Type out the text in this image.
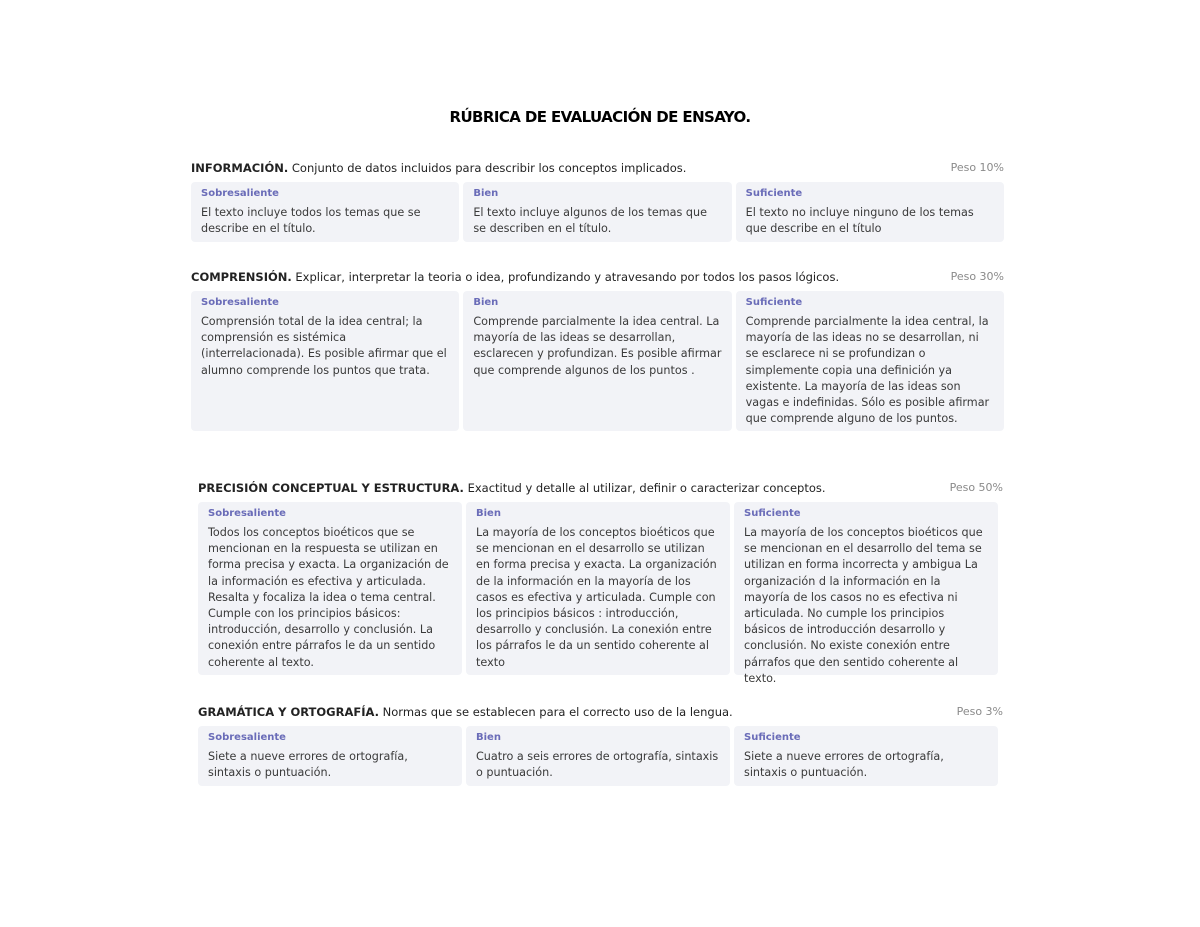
RÚBRICA DE EVALUACIÓN DE ENSAYO.
INFORMACIÓN. Conjunto de datos incluidos para describir los conceptos implicados.	Peso 10%
Sobresaliente
El texto incluye todos los temas que se describe en el título.
Bien
El texto incluye algunos de los temas que se describen en el título.
Suficiente
El texto no incluye ninguno de los temas que describe en el título
COMPRENSIÓN. Explicar, interpretar la teoria o idea, profundizando y atravesando por todos los pasos lógicos.	Peso 30%
Sobresaliente
Comprensión total de la idea central; la comprensión es sistémica (interrelacionada). Es posible afirmar que el alumno comprende los puntos que trata.
Bien
Comprende parcialmente la idea central. La mayoría de las ideas se desarrollan, esclarecen y profundizan. Es posible afirmar que comprende algunos de los puntos .
Suficiente
Comprende parcialmente la idea central, la mayoría de las ideas no se desarrollan, ni se esclarece ni se profundizan o simplemente copia una definición ya existente. La mayoría de las ideas son vagas e indefinidas. Sólo es posible afirmar que comprende alguno de los puntos.
PRECISIÓN CONCEPTUAL Y ESTRUCTURA. Exactitud y detalle al utilizar, definir o caracterizar conceptos.	Peso 50%
Sobresaliente
Todos los conceptos bioéticos que se mencionan en la respuesta se utilizan en forma precisa y exacta. La organización de la información es efectiva y articulada. Resalta y focaliza la idea o tema central. Cumple con los principios básicos: introducción, desarrollo y conclusión. La conexión entre párrafos le da un sentido coherente al texto.
Bien
La mayoría de los conceptos bioéticos que se mencionan en el desarrollo se utilizan en forma precisa y exacta. La organización de la información en la mayoría de los casos es efectiva y articulada. Cumple con los principios básicos : introducción, desarrollo y conclusión. La conexión entre los párrafos le da un sentido coherente al texto
Suficiente
La mayoría de los conceptos bioéticos que se mencionan en el desarrollo del tema se utilizan en forma incorrecta y ambigua La organización d la información en la mayoría de los casos no es efectiva ni articulada. No cumple los principios básicos de introducción desarrollo y conclusión. No existe conexión entre párrafos que den sentido coherente al texto.
GRAMÁTICA Y ORTOGRAFÍA. Normas que se establecen para el correcto uso de la lengua.	Peso 3%
Sobresaliente
Siete a nueve errores de ortografía, sintaxis o puntuación.
Bien
Cuatro a seis errores de ortografía, sintaxis o puntuación.
Suficiente
Siete a nueve errores de ortografía, sintaxis o puntuación.
